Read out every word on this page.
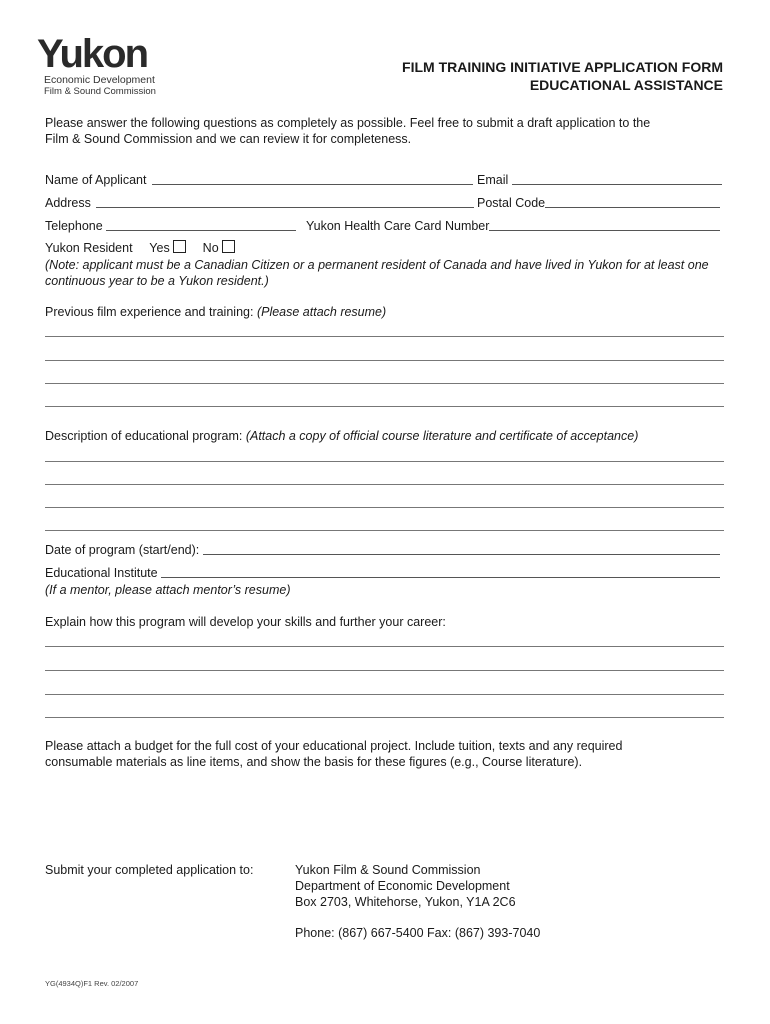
Yukon
Economic Development
Film & Sound Commission
FILM TRAINING INITIATIVE APPLICATION FORM
EDUCATIONAL ASSISTANCE
Please answer the following questions as completely as possible. Feel free to submit a draft application to the
Film & Sound Commission and we can review it for completeness.
Name of Applicant	Email
Address	Postal Code
Telephone	Yukon Health Care Card Number
Yukon Resident Yes	No
(Note: applicant must be a Canadian Citizen or a permanent resident of Canada and have lived in Yukon for at least one
continuous year to be a Yukon resident.)
Previous film experience and training: (Please attach resume)
Description of educational program: (Attach a copy of official course literature and certificate of acceptance)
Date of program (start/end):
Educational Institute
(If a mentor, please attach mentor’s resume)
Explain how this program will develop your skills and further your career:
Please attach a budget for the full cost of your educational project. Include tuition, texts and any required
consumable materials as line items, and show the basis for these figures (e.g., Course literature).
Submit your completed application to:	Yukon Film & Sound Commission
Department of Economic Development
Box 2703, Whitehorse, Yukon, Y1A 2C6
Phone: (867) 667-5400 Fax: (867) 393-7040
YG(4934Q)F1 Rev. 02/2007
